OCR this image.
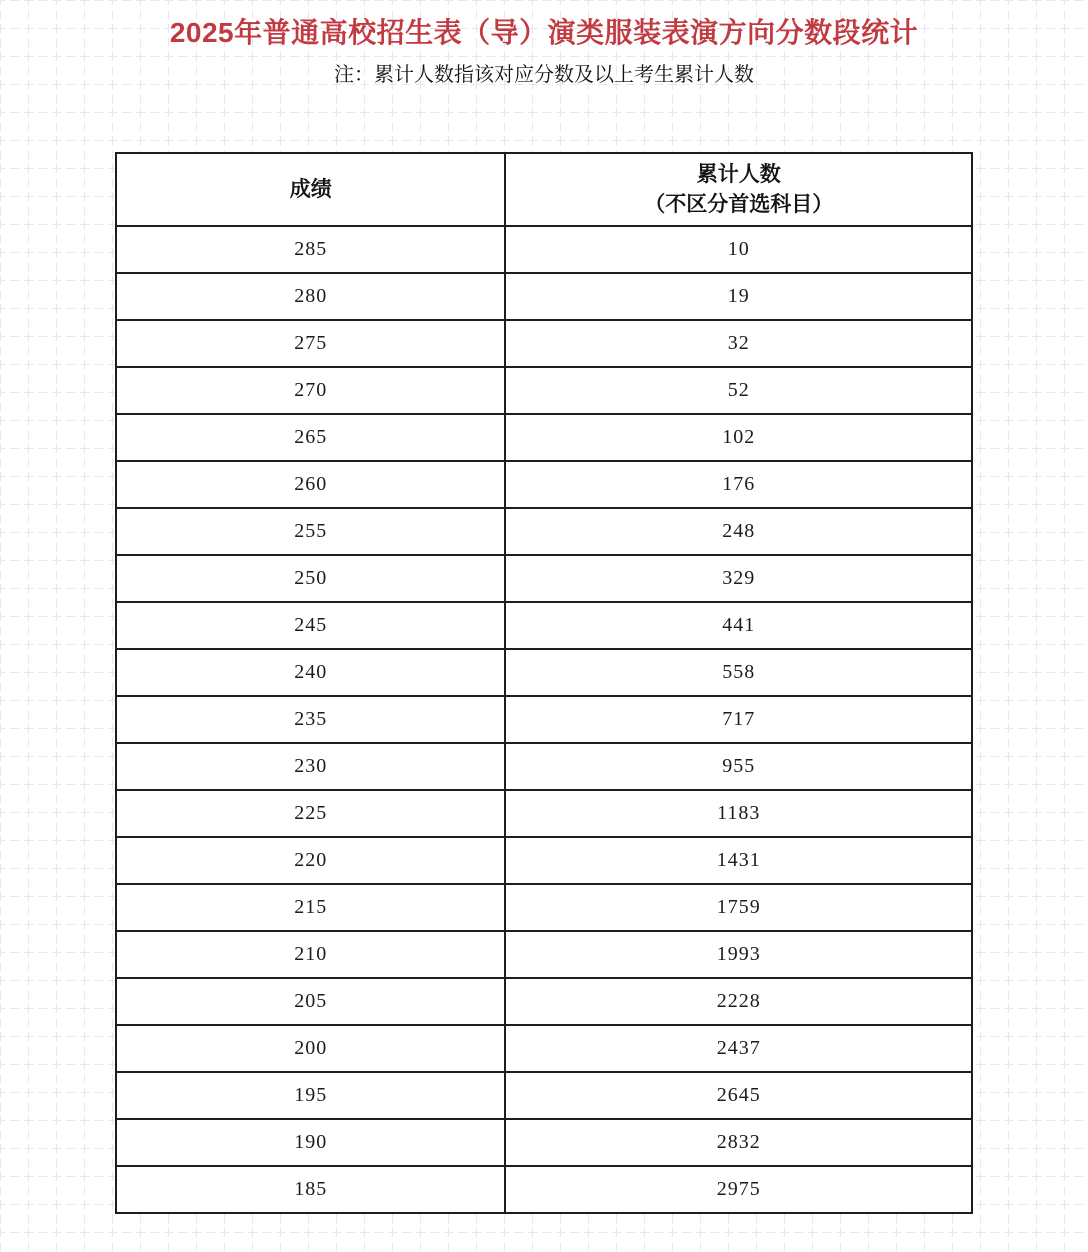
2025年普通高校招生表（导）演类服装表演方向分数段统计
注：累计人数指该对应分数及以上考生累计人数
成绩	累计人数
（不区分首选科目）

285	10
280	19
275	32
270	52
265	102
260	176
255	248
250	329
245	441
240	558
235	717
230	955
225	1183
220	1431
215	1759
210	1993
205	2228
200	2437
195	2645
190	2832
185	2975
